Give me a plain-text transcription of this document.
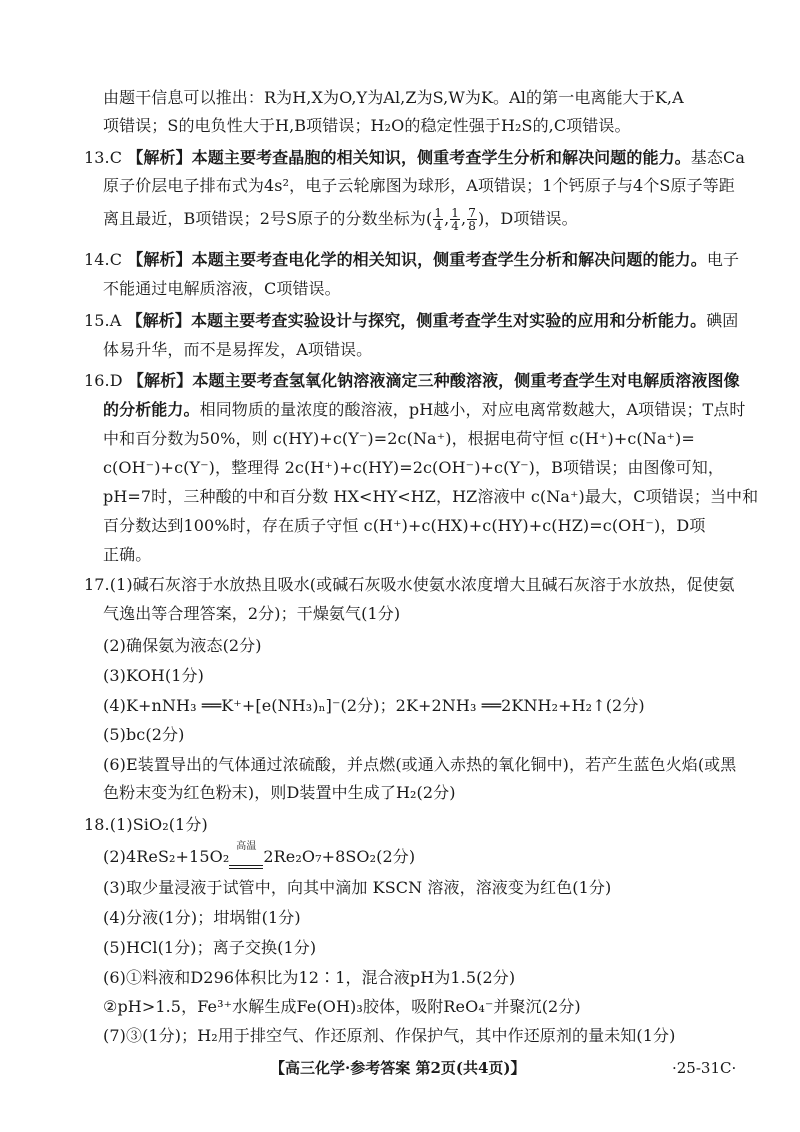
由题干信息可以推出：R为H,X为O,Y为Al,Z为S,W为K。Al的第一电离能大于K,A
项错误；S的电负性大于H,B项错误；H₂O的稳定性强于H₂S的,C项错误。
13.C 【解析】本题主要考查晶胞的相关知识，侧重考查学生分析和解决问题的能力。基态Ca
原子价层电子排布式为4s²，电子云轮廓图为球形，A项错误；1个钙原子与4个S原子等距
离且最近，B项错误；2号S原子的分数坐标为( $\frac{1}{4}$ , $\frac{1}{4}$ , $\frac{7}{8}$ )，D项错误。
14.C 【解析】本题主要考查电化学的相关知识，侧重考查学生分析和解决问题的能力。电子
不能通过电解质溶液，C项错误。
15.A 【解析】本题主要考查实验设计与探究，侧重考查学生对实验的应用和分析能力。碘固
体易升华，而不是易挥发，A项错误。
16.D 【解析】本题主要考查氢氧化钠溶液滴定三种酸溶液，侧重考查学生对电解质溶液图像
的分析能力。相同物质的量浓度的酸溶液，pH越小，对应电离常数越大，A项错误；T点时
中和百分数为50%，则 c(HY)+c(Y⁻)=2c(Na⁺)，根据电荷守恒 c(H⁺)+c(Na⁺)=
c(OH⁻)+c(Y⁻)，整理得 2c(H⁺)+c(HY)=2c(OH⁻)+c(Y⁻)，B项错误；由图像可知，
pH=7时，三种酸的中和百分数 HX<HY<HZ，HZ溶液中 c(Na⁺)最大，C项错误；当中和
百分数达到100%时，存在质子守恒 c(H⁺)+c(HX)+c(HY)+c(HZ)=c(OH⁻)，D项
正确。
17.(1)碱石灰溶于水放热且吸水(或碱石灰吸水使氨水浓度增大且碱石灰溶于水放热，促使氨
气逸出等合理答案，2分)；干燥氨气(1分)
(2)确保氨为液态(2分)
(3)KOH(1分)
(4)K+nNH₃ ══K⁺+[e(NH₃)ₙ]⁻(2分)；2K+2NH₃ ══2KNH₂+H₂↑(2分)
(5)bc(2分)
(6)E装置导出的气体通过浓硫酸，并点燃(或通入赤热的氧化铜中)，若产生蓝色火焰(或黑
色粉末变为红色粉末)，则D装置中生成了H₂(2分)
18.(1)SiO₂(1分)
(2)4ReS₂+15O₂
高温
2Re₂O₇+8SO₂(2分)
(3)取少量浸液于试管中，向其中滴加 KSCN 溶液，溶液变为红色(1分)
(4)分液(1分)；坩埚钳(1分)
(5)HCl(1分)；离子交换(1分)
(6)①料液和D296体积比为12∶1，混合液pH为1.5(2分)
②pH>1.5，Fe³⁺水解生成Fe(OH)₃胶体，吸附ReO₄⁻并聚沉(2分)
(7)③(1分)；H₂用于排空气、作还原剂、作保护气，其中作还原剂的量未知(1分)
【高三化学·参考答案 第2页(共4页)】	·25-31C·
